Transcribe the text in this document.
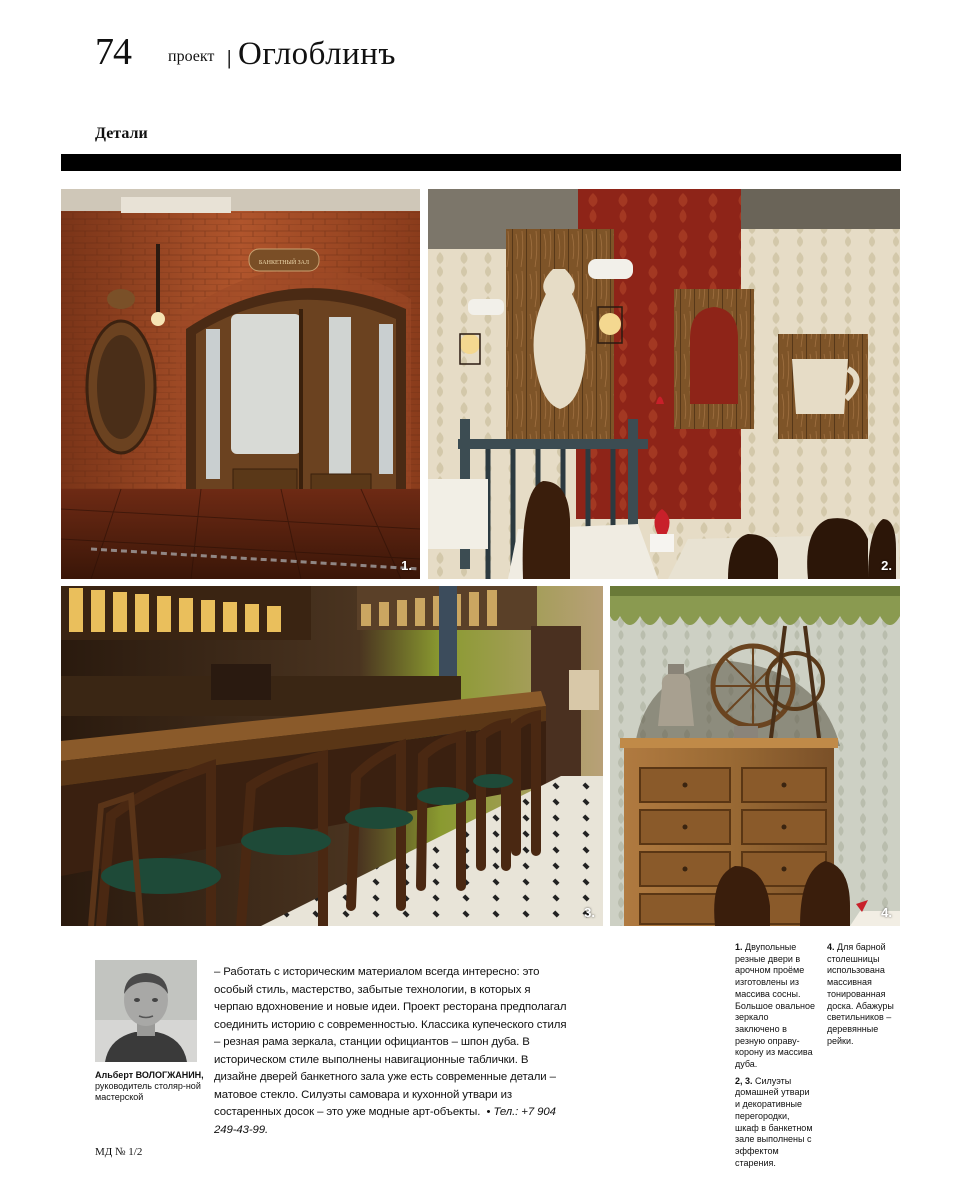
74 проект | Оглоблинъ
Детали
БАНКЕТНЫЙ ЗАЛ
1.	2.
3.	4.
Альберт ВОЛОГЖАНИН,
руководитель столяр-ной мастерской
– Работать с историческим материалом всегда интересно: это особый стиль, мастерство, забытые технологии, в которых я черпаю вдохновение и новые идеи. Проект ресторана предполагал соединить историю с современностью. Классика купеческого стиля – резная рама зеркала, станции официантов – шпон дуба. В историческом стиле выполнены навигационные таблички. В дизайне дверей банкетного зала уже есть современные детали – матовое стекло. Силуэты самовара и кухонной утвари из состаренных досок – это уже модные арт-объекты. • Тел.: +7 904 249-43-99.

1. Двупольные резные двери в арочном проёме изготовлены из массива сосны. Большое овальное зеркало заключено в резную оправу-корону из массива дуба.

2, 3. Силуэты домашней утвари и декоративные перегородки, шкаф в банкетном зале выполнены с эффектом старения.

4. Для барной столешницы использована массивная тонированная доска. Абажуры светильников – деревянные рейки.

МД № 1/2
